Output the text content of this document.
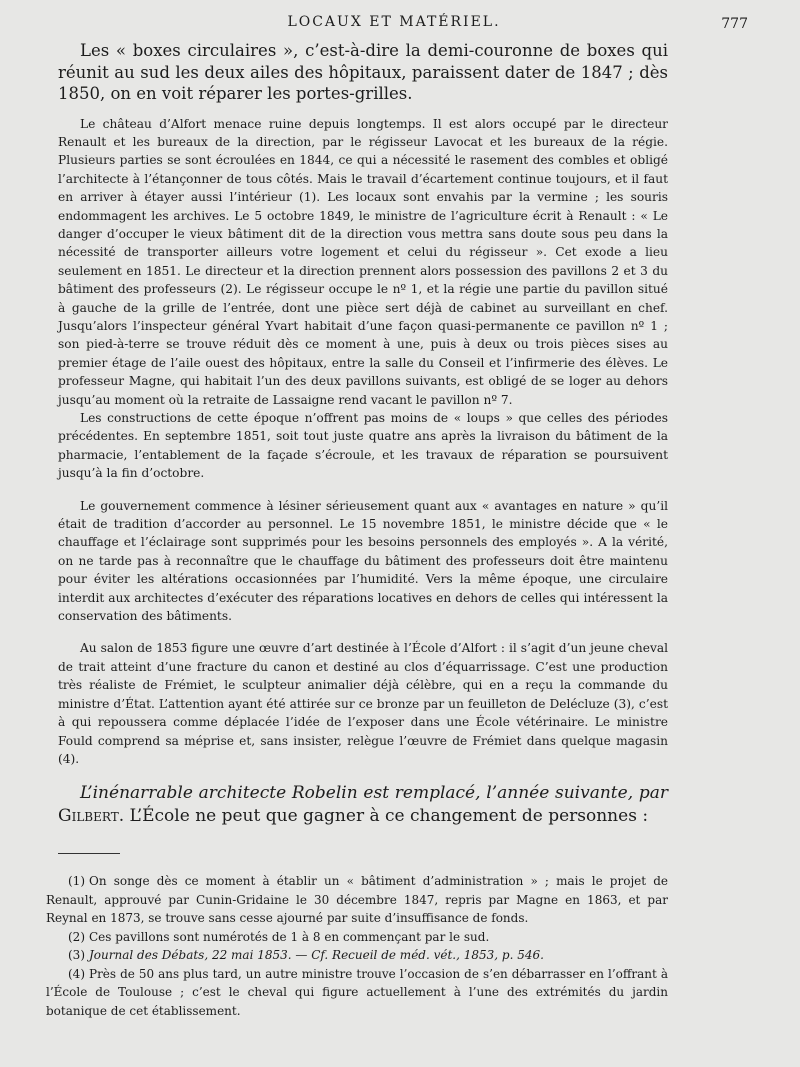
LOCAUX ET MATÉRIEL.	777

Les « boxes circulaires », c’est-à-dire la demi-couronne de boxes qui réunit au sud les deux ailes des hôpitaux, paraissent dater de 1847 ; dès 1850, on en voit réparer les portes-grilles.

Le château d’Alfort menace ruine depuis longtemps. Il est alors occupé par le directeur Renault et les bureaux de la direction, par le régisseur Lavocat et les bureaux de la régie. Plusieurs parties se sont écroulées en 1844, ce qui a nécessité le rasement des combles et obligé l’architecte à l’étançonner de tous côtés. Mais le travail d’écartement continue toujours, et il faut en arriver à étayer aussi l’intérieur (1). Les locaux sont envahis par la vermine ; les souris endommagent les archives. Le 5 octobre 1849, le ministre de l’agriculture écrit à Renault : « Le danger d’occuper le vieux bâtiment dit de la direction vous mettra sans doute sous peu dans la nécessité de transporter ailleurs votre logement et celui du régisseur ». Cet exode a lieu seulement en 1851. Le directeur et la direction prennent alors possession des pavillons 2 et 3 du bâtiment des professeurs (2). Le régisseur occupe le nº 1, et la régie une partie du pavillon situé à gauche de la grille de l’entrée, dont une pièce sert déjà de cabinet au surveillant en chef. Jusqu’alors l’inspecteur général Yvart habitait d’une façon quasi-permanente ce pavillon nº 1 ; son pied-à-terre se trouve réduit dès ce moment à une, puis à deux ou trois pièces sises au premier étage de l’aile ouest des hôpitaux, entre la salle du Conseil et l’infirmerie des élèves. Le professeur Magne, qui habitait l’un des deux pavillons suivants, est obligé de se loger au dehors jusqu’au moment où la retraite de Lassaigne rend vacant le pavillon nº 7.

Les constructions de cette époque n’offrent pas moins de « loups » que celles des périodes précédentes. En septembre 1851, soit tout juste quatre ans après la livraison du bâtiment de la pharmacie, l’entablement de la façade s’écroule, et les travaux de réparation se poursuivent jusqu’à la fin d’octobre.

Le gouvernement commence à lésiner sérieusement quant aux « avantages en nature » qu’il était de tradition d’accorder au personnel. Le 15 novembre 1851, le ministre décide que « le chauffage et l’éclairage sont supprimés pour les besoins personnels des employés ». A la vérité, on ne tarde pas à reconnaître que le chauffage du bâtiment des professeurs doit être maintenu pour éviter les altérations occasionnées par l’humidité. Vers la même époque, une circulaire interdit aux architectes d’exécuter des réparations locatives en dehors de celles qui intéressent la conservation des bâtiments.

Au salon de 1853 figure une œuvre d’art destinée à l’École d’Alfort : il s’agit d’un jeune cheval de trait atteint d’une fracture du canon et destiné au clos d’équarrissage. C’est une production très réaliste de Frémiet, le sculpteur animalier déjà célèbre, qui en a reçu la commande du ministre d’État. L’attention ayant été attirée sur ce bronze par un feuilleton de Delécluze (3), c’est à qui repoussera comme déplacée l’idée de l’exposer dans une École vétérinaire. Le ministre Fould comprend sa méprise et, sans insister, relègue l’œuvre de Frémiet dans quelque magasin (4).

L’inénarrable architecte Robelin est remplacé, l’année suivante, par Gilbert. L’École ne peut que gagner à ce changement de personnes :

(1) On songe dès ce moment à établir un « bâtiment d’administration » ; mais le projet de Renault, approuvé par Cunin-Gridaine le 30 décembre 1847, repris par Magne en 1863, et par Reynal en 1873, se trouve sans cesse ajourné par suite d’insuffisance de fonds.

(2) Ces pavillons sont numérotés de 1 à 8 en commençant par le sud.

(3) Journal des Débats, 22 mai 1853. — Cf. Recueil de méd. vét., 1853, p. 546.

(4) Près de 50 ans plus tard, un autre ministre trouve l’occasion de s’en débarrasser en l’offrant à l’École de Toulouse ; c’est le cheval qui figure actuellement à l’une des extrémités du jardin botanique de cet établissement.
